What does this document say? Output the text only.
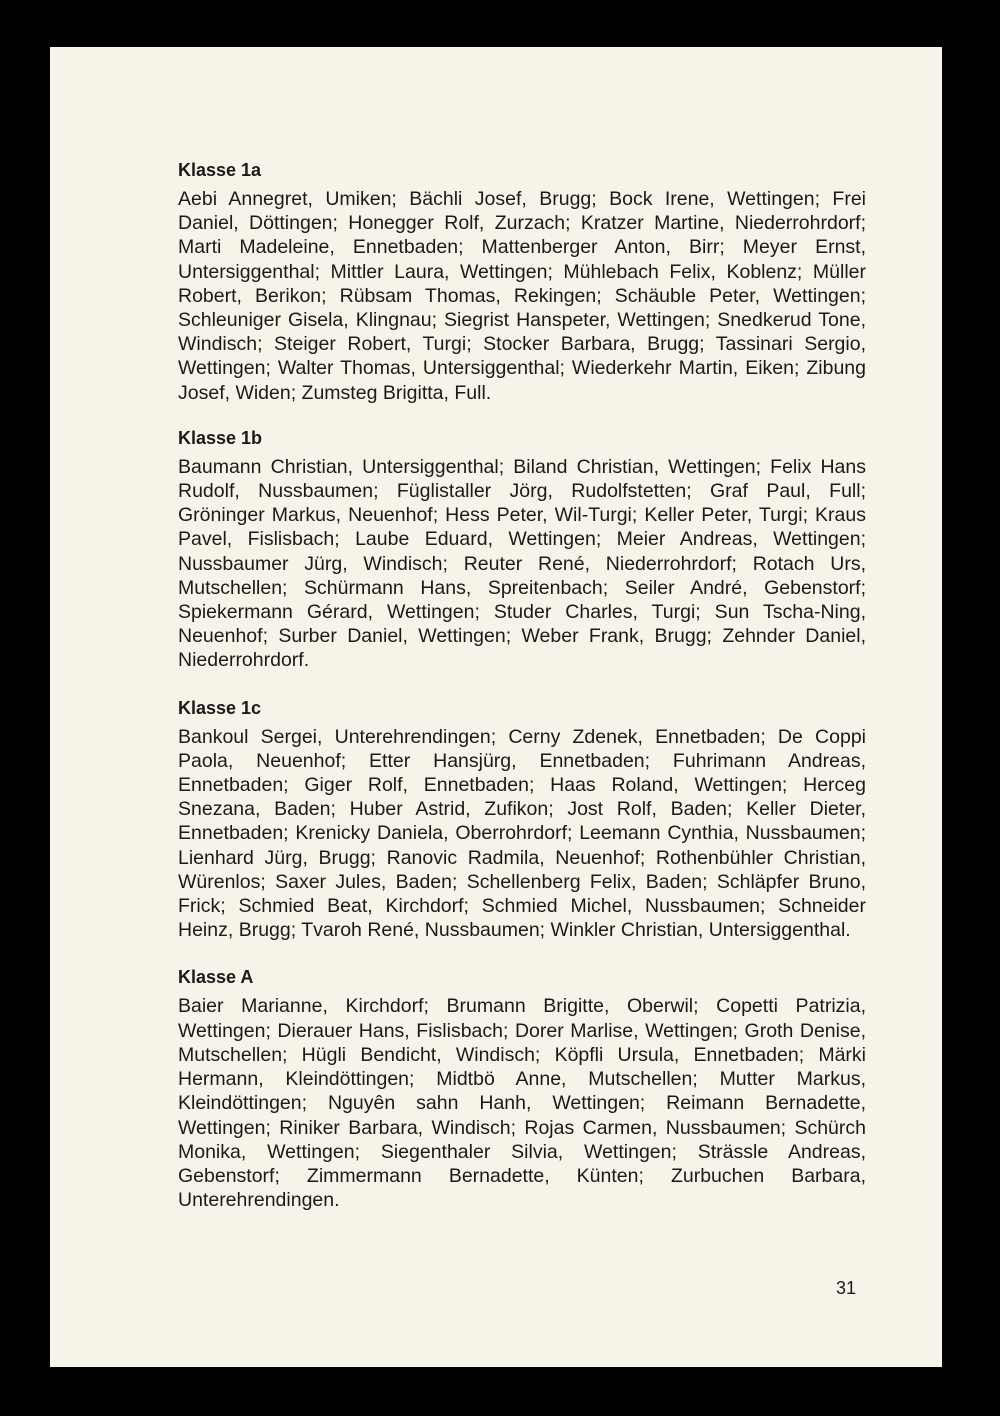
Klasse 1a

Aebi Annegret, Umiken; Bächli Josef, Brugg; Bock Irene, Wettingen; Frei Daniel, Döttingen; Honegger Rolf, Zurzach; Kratzer Martine, Niederrohrdorf; Marti Madeleine, Ennetbaden; Mattenberger Anton, Birr; Meyer Ernst, Untersiggenthal; Mittler Laura, Wettingen; Mühlebach Felix, Koblenz; Müller Robert, Berikon; Rübsam Thomas, Rekingen; Schäuble Peter, Wettingen; Schleuniger Gisela, Klingnau; Siegrist Hanspeter, Wettingen; Snedkerud Tone, Windisch; Steiger Robert, Turgi; Stocker Barbara, Brugg; Tassinari Sergio, Wettingen; Walter Thomas, Untersiggenthal; Wiederkehr Martin, Eiken; Zibung Josef, Widen; Zumsteg Brigitta, Full.

Klasse 1b

Baumann Christian, Untersiggenthal; Biland Christian, Wettingen; Felix Hans Rudolf, Nussbaumen; Füglistaller Jörg, Rudolfstetten; Graf Paul, Full; Gröninger Markus, Neuenhof; Hess Peter, Wil-Turgi; Keller Peter, Turgi; Kraus Pavel, Fislisbach; Laube Eduard, Wettingen; Meier Andreas, Wettingen; Nussbaumer Jürg, Windisch; Reuter René, Niederrohrdorf; Rotach Urs, Mutschellen; Schürmann Hans, Spreitenbach; Seiler André, Gebenstorf; Spiekermann Gérard, Wettingen; Studer Charles, Turgi; Sun Tscha-Ning, Neuenhof; Surber Daniel, Wettingen; Weber Frank, Brugg; Zehnder Daniel, Niederrohrdorf.

Klasse 1c

Bankoul Sergei, Unterehrendingen; Cerny Zdenek, Ennetbaden; De Coppi Paola, Neuenhof; Etter Hansjürg, Ennetbaden; Fuhrimann Andreas, Ennetbaden; Giger Rolf, Ennetbaden; Haas Roland, Wettingen; Herceg Snezana, Baden; Huber Astrid, Zufikon; Jost Rolf, Baden; Keller Dieter, Ennetbaden; Krenicky Daniela, Oberrohrdorf; Leemann Cynthia, Nussbaumen; Lienhard Jürg, Brugg; Ranovic Radmila, Neuenhof; Rothenbühler Christian, Würenlos; Saxer Jules, Baden; Schellenberg Felix, Baden; Schläpfer Bruno, Frick; Schmied Beat, Kirchdorf; Schmied Michel, Nussbaumen; Schneider Heinz, Brugg; Tvaroh René, Nussbaumen; Winkler Christian, Untersiggenthal.

Klasse A

Baier Marianne, Kirchdorf; Brumann Brigitte, Oberwil; Copetti Patrizia, Wettingen; Dierauer Hans, Fislisbach; Dorer Marlise, Wettingen; Groth Denise, Mutschellen; Hügli Bendicht, Windisch; Köpfli Ursula, Ennetbaden; Märki Hermann, Kleindöttingen; Midtbö Anne, Mutschellen; Mutter Markus, Kleindöttingen; Nguyên sahn Hanh, Wettingen; Reimann Bernadette, Wettingen; Riniker Barbara, Windisch; Rojas Carmen, Nussbaumen; Schürch Monika, Wettingen; Siegenthaler Silvia, Wettingen; Strässle Andreas, Gebenstorf; Zimmermann Bernadette, Künten; Zurbuchen Barbara, Unterehrendingen.

31
